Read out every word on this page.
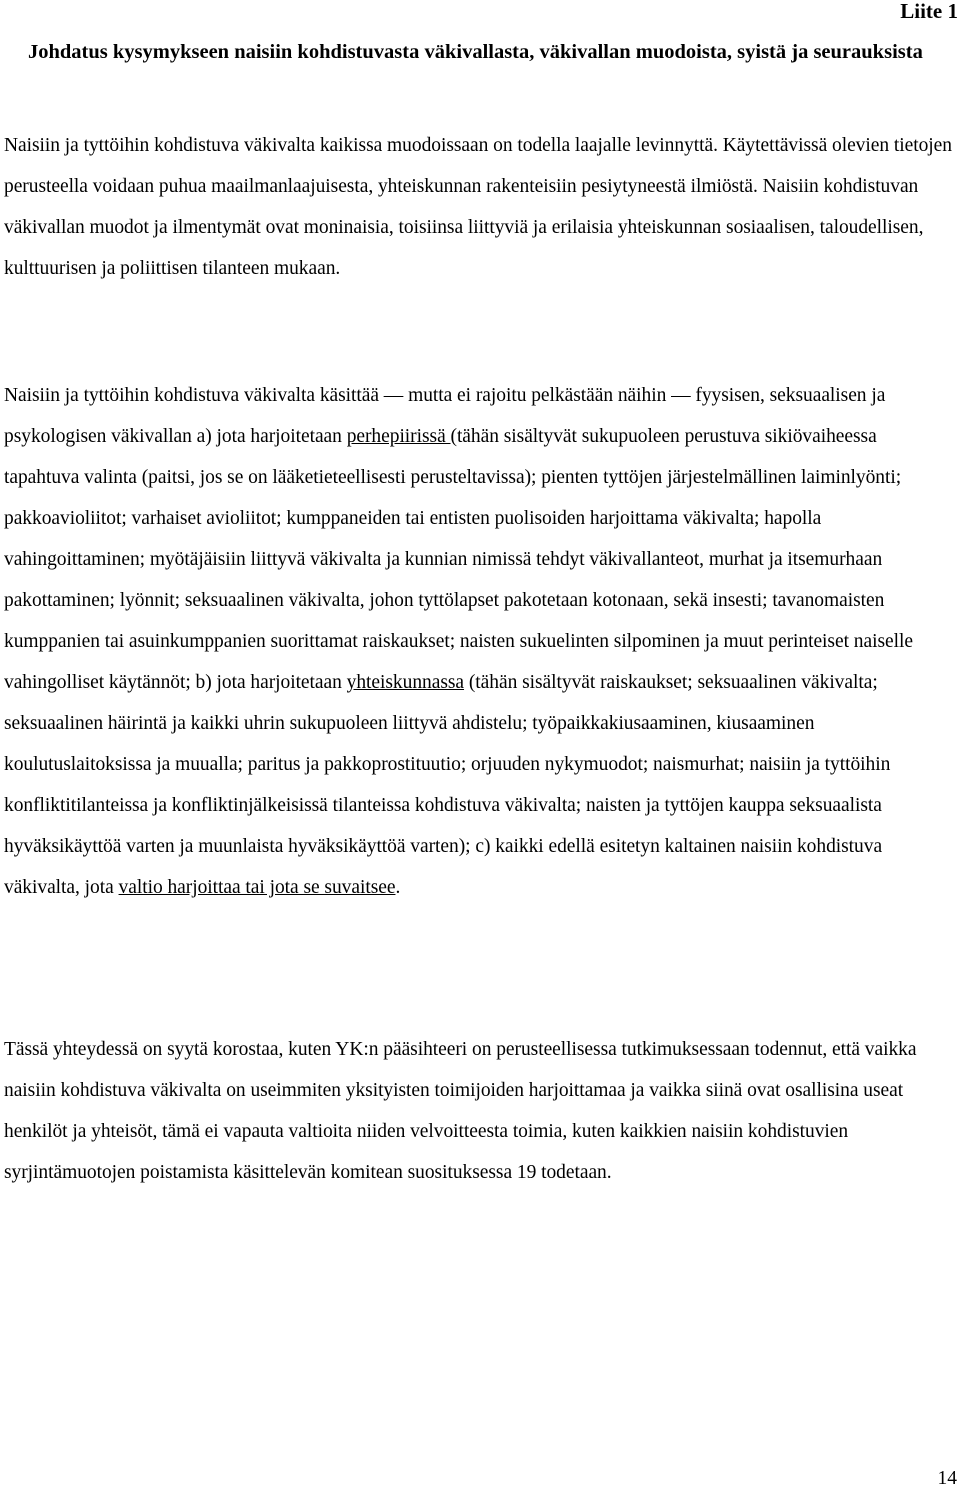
Liite 1
Johdatus kysymykseen naisiin kohdistuvasta väkivallasta, väkivallan muodoista, syistä ja seurauksista

Naisiin ja tyttöihin kohdistuva väkivalta kaikissa muodoissaan on todella laajalle levinnyttä. Käytettävissä olevien tietojen perusteella voidaan puhua maailmanlaajuisesta, yhteiskunnan rakenteisiin pesiytyneestä ilmiöstä. Naisiin kohdistuvan väkivallan muodot ja ilmentymät ovat moninaisia, toisiinsa liittyviä ja erilaisia yhteiskunnan sosiaalisen, taloudellisen, kulttuurisen ja poliittisen tilanteen mukaan.

Naisiin ja tyttöihin kohdistuva väkivalta käsittää ― mutta ei rajoitu pelkästään näihin ― fyysisen, seksuaalisen ja psykologisen väkivallan a) jota harjoitetaan perhepiirissä (tähän sisältyvät sukupuoleen perustuva sikiövaiheessa tapahtuva valinta (paitsi, jos se on lääketieteellisesti perusteltavissa); pienten tyttöjen järjestelmällinen laiminlyönti; pakkoavioliitot; varhaiset avioliitot; kumppaneiden tai entisten puolisoiden harjoittama väkivalta; hapolla vahingoittaminen; myötäjäisiin liittyvä väkivalta ja kunnian nimissä tehdyt väkivallanteot, murhat ja itsemurhaan pakottaminen; lyönnit; seksuaalinen väkivalta, johon tyttölapset pakotetaan kotonaan, sekä insesti; tavanomaisten kumppanien tai asuinkumppanien suorittamat raiskaukset; naisten sukuelinten silpominen ja muut perinteiset naiselle vahingolliset käytännöt; b) jota harjoitetaan yhteiskunnassa (tähän sisältyvät raiskaukset; seksuaalinen väkivalta; seksuaalinen häirintä ja kaikki uhrin sukupuoleen liittyvä ahdistelu; työpaikkakiusaaminen, kiusaaminen koulutuslaitoksissa ja muualla; paritus ja pakkoprostituutio; orjuuden nykymuodot; naismurhat; naisiin ja tyttöihin konfliktitilanteissa ja konfliktinjälkeisissä tilanteissa kohdistuva väkivalta; naisten ja tyttöjen kauppa seksuaalista hyväksikäyttöä varten ja muunlaista hyväksikäyttöä varten); c) kaikki edellä esitetyn kaltainen naisiin kohdistuva väkivalta, jota valtio harjoittaa tai jota se suvaitsee.

Tässä yhteydessä on syytä korostaa, kuten YK:n pääsihteeri on perusteellisessa tutkimuksessaan todennut, että vaikka naisiin kohdistuva väkivalta on useimmiten yksityisten toimijoiden harjoittamaa ja vaikka siinä ovat osallisina useat henkilöt ja yhteisöt, tämä ei vapauta valtioita niiden velvoitteesta toimia, kuten kaikkien naisiin kohdistuvien syrjintämuotojen poistamista käsittelevän komitean suosituksessa 19 todetaan.

14
